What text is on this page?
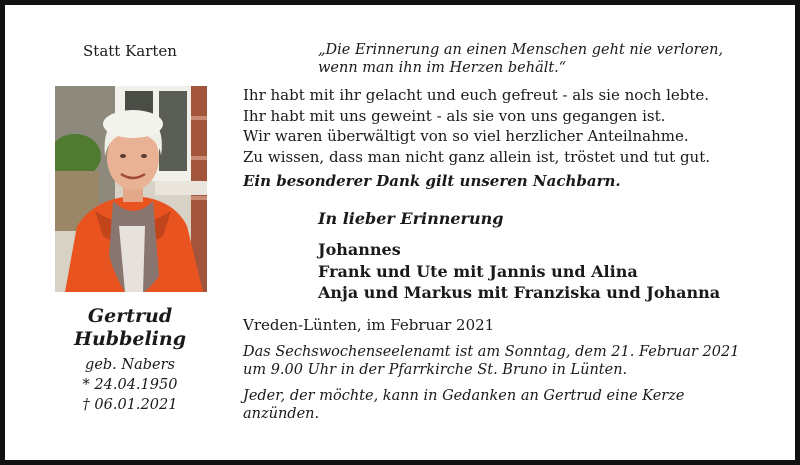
Statt Karten
Gertrud
Hubbeling
geb. Nabers
* 24.04.1950
† 06.01.2021
„Die Erinnerung an einen Menschen geht nie verloren,
wenn man ihn im Herzen behält.“
Ihr habt mit ihr gelacht und euch gefreut - als sie noch lebte.
Ihr habt mit uns geweint - als sie von uns gegangen ist.
Wir waren überwältigt von so viel herzlicher Anteilnahme.
Zu wissen, dass man nicht ganz allein ist, tröstet und tut gut.
Ein besonderer Dank gilt unseren Nachbarn.
In lieber Erinnerung
Johannes
Frank und Ute mit Jannis und Alina
Anja und Markus mit Franziska und Johanna
Vreden-Lünten, im Februar 2021
Das Sechswochenseelenamt ist am Sonntag, dem 21. Februar 2021
um 9.00 Uhr in der Pfarrkirche St. Bruno in Lünten.
Jeder, der möchte, kann in Gedanken an Gertrud eine Kerze
anzünden.
